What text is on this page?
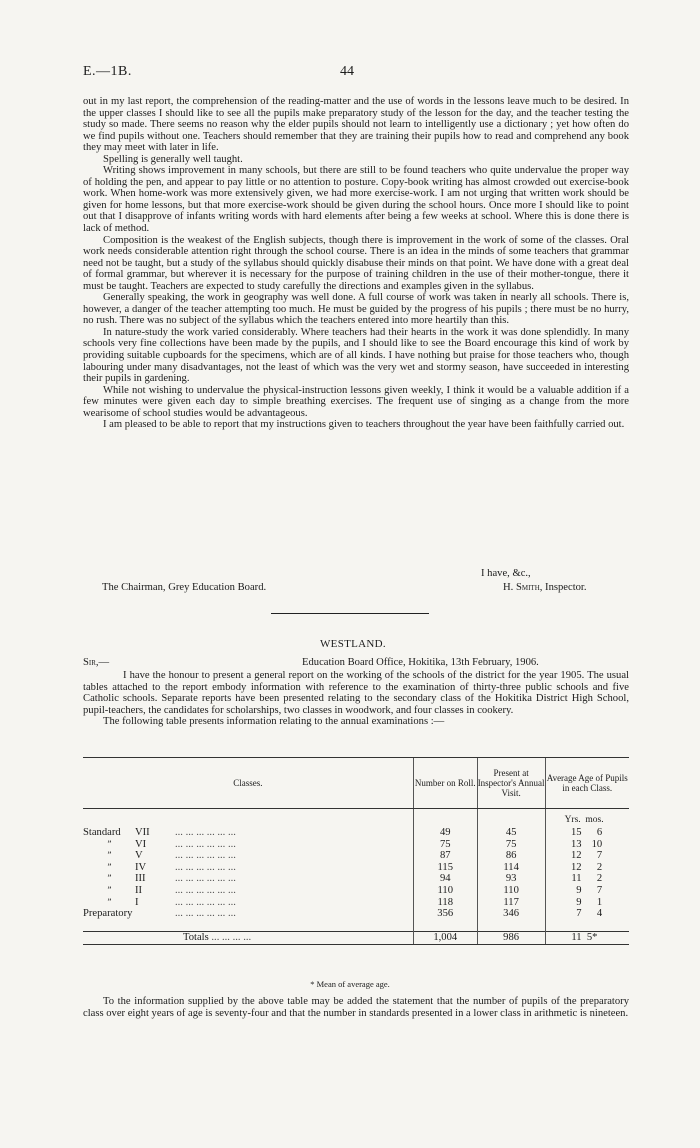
E.—1B.	44

out in my last report, the comprehension of the reading-matter and the use of words in the lessons leave much to be desired. In the upper classes I should like to see all the pupils make preparatory study of the lesson for the day, and the teacher testing the study so made. There seems no reason why the elder pupils should not learn to intelligently use a dictionary ; yet how often do we find pupils without one. Teachers should remember that they are training their pupils how to read and comprehend any book they may meet with later in life.

Spelling is generally well taught.

Writing shows improvement in many schools, but there are still to be found teachers who quite undervalue the proper way of holding the pen, and appear to pay little or no attention to posture. Copy-book writing has almost crowded out exercise-book work. When home-work was more extensively given, we had more exercise-work. I am not urging that written work should be given for home lessons, but that more exercise-work should be given during the school hours. Once more I should like to point out that I disapprove of infants writing words with hard elements after being a few weeks at school. Where this is done there is lack of method.

Composition is the weakest of the English subjects, though there is improvement in the work of some of the classes. Oral work needs considerable attention right through the school course. There is an idea in the minds of some teachers that grammar need not be taught, but a study of the syllabus should quickly disabuse their minds on that point. We have done with a great deal of formal grammar, but wherever it is necessary for the purpose of training children in the use of their mother-tongue, there it must be taught. Teachers are expected to study carefully the directions and examples given in the syllabus.

Generally speaking, the work in geography was well done. A full course of work was taken in nearly all schools. There is, however, a danger of the teacher attempting too much. He must be guided by the progress of his pupils ; there must be no hurry, no rush. There was no subject of the syllabus which the teachers entered into more heartily than this.

In nature-study the work varied considerably. Where teachers had their hearts in the work it was done splendidly. In many schools very fine collections have been made by the pupils, and I should like to see the Board encourage this kind of work by providing suitable cupboards for the specimens, which are of all kinds. I have nothing but praise for those teachers who, though labouring under many disadvantages, not the least of which was the very wet and stormy season, have succeeded in interesting their pupils in gardening.

While not wishing to undervalue the physical-instruction lessons given weekly, I think it would be a valuable addition if a few minutes were given each day to simple breathing exercises. The frequent use of singing as a change from the more wearisome of school studies would be advantageous.

I am pleased to be able to report that my instructions given to teachers throughout the year have been faithfully carried out.

I have, &c.,
The Chairman, Grey Education Board.	H. Smith, Inspector.
WESTLAND.
Sir,—	Education Board Office, Hokitika, 13th February, 1906.

I have the honour to present a general report on the working of the schools of the district for the year 1905. The usual tables attached to the report embody information with reference to the examination of thirty-three public schools and five Catholic schools. Separate reports have been presented relating to the secondary class of the Hokitika District High School, pupil-teachers, the candidates for scholarships, two classes in woodwork, and four classes in cookery.

The following table presents information relating to the annual examinations :—

Classes.	Number on Roll.	Present at Inspector's Annual Visit.	Average Age of Pupils in each Class.
			Yrs. mos.
Standard VII ... ... ... ... ... ...	49	45	15 6
” VI ... ... ... ... ... ...	75	75	13 10
” V ... ... ... ... ... ...	87	86	12 7
” IV ... ... ... ... ... ...	115	114	12 2
” III ... ... ... ... ... ...	94	93	11 2
” II ... ... ... ... ... ...	110	110	9 7
” I ... ... ... ... ... ...	118	117	9 1
Preparatory ... ... ... ... ... ...	356	346	7 4

Totals ... ... ... ...	1,004	986	11 5*
* Mean of average age.

To the information supplied by the above table may be added the statement that the number of pupils of the preparatory class over eight years of age is seventy-four and that the number in standards presented in a lower class in arithmetic is nineteen.
